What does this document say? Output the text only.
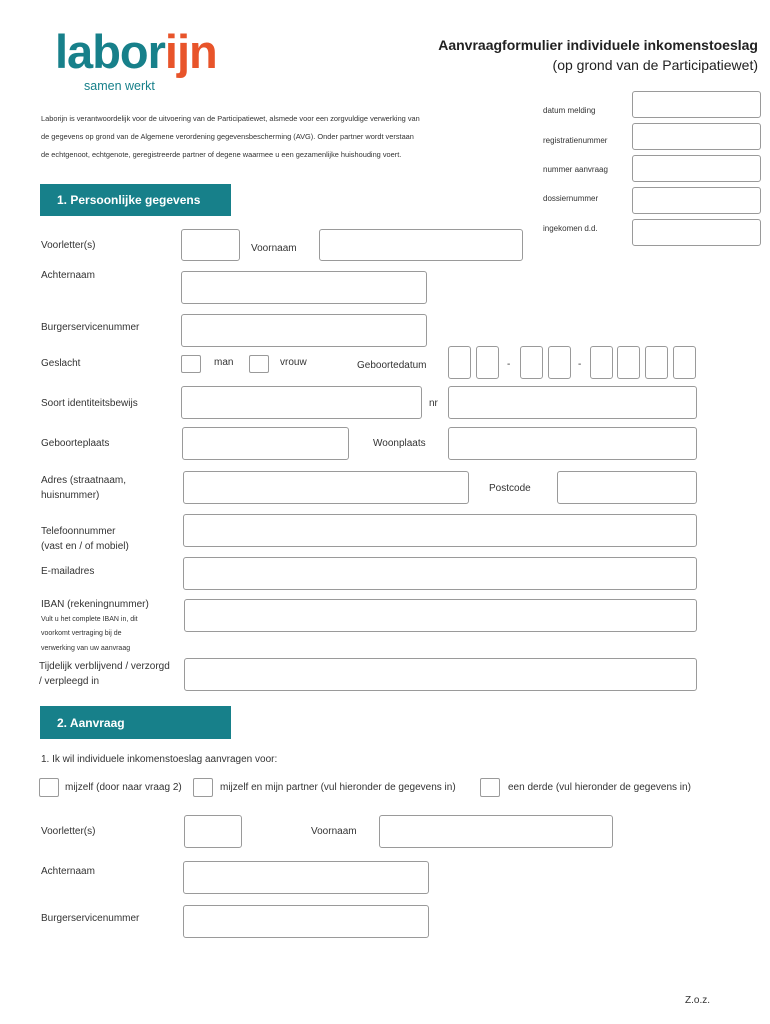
laborijn
samen werkt
Aanvraagformulier individuele inkomenstoeslag
(op grond van de Participatiewet)
Laborijn is verantwoordelijk voor de uitvoering van de Participatiewet, alsmede voor een zorgvuldige verwerking van
de gegevens op grond van de Algemene verordening gegevensbescherming (AVG). Onder partner wordt verstaan
de echtgenoot, echtgenote, geregistreerde partner of degene waarmee u een gezamenlijke huishouding voert.
datum melding
registratienummer
nummer aanvraag
dossiernummer
ingekomen d.d.
1. Persoonlijke gegevens
Voorletter(s)	Voornaam
Achternaam
Burgerservicenummer
Geslacht	man	vrouw	Geboortedatum	-	-
Soort identiteitsbewijs	nr
Geboorteplaats	Woonplaats
Adres (straatnaam,
huisnummer)
Postcode
Telefoonnummer
(vast en / of mobiel)
E-mailadres
IBAN (rekeningnummer)
Vult u het complete IBAN in, dit
voorkomt vertraging bij de
verwerking van uw aanvraag
Tijdelijk verblijvend / verzorgd
/ verpleegd in
2. Aanvraag
1. Ik wil individuele inkomenstoeslag aanvragen voor:
mijzelf (door naar vraag 2)	mijzelf en mijn partner (vul hieronder de gegevens in)	een derde (vul hieronder de gegevens in)
Voorletter(s)	Voornaam
Achternaam
Burgerservicenummer
Z.o.z.
